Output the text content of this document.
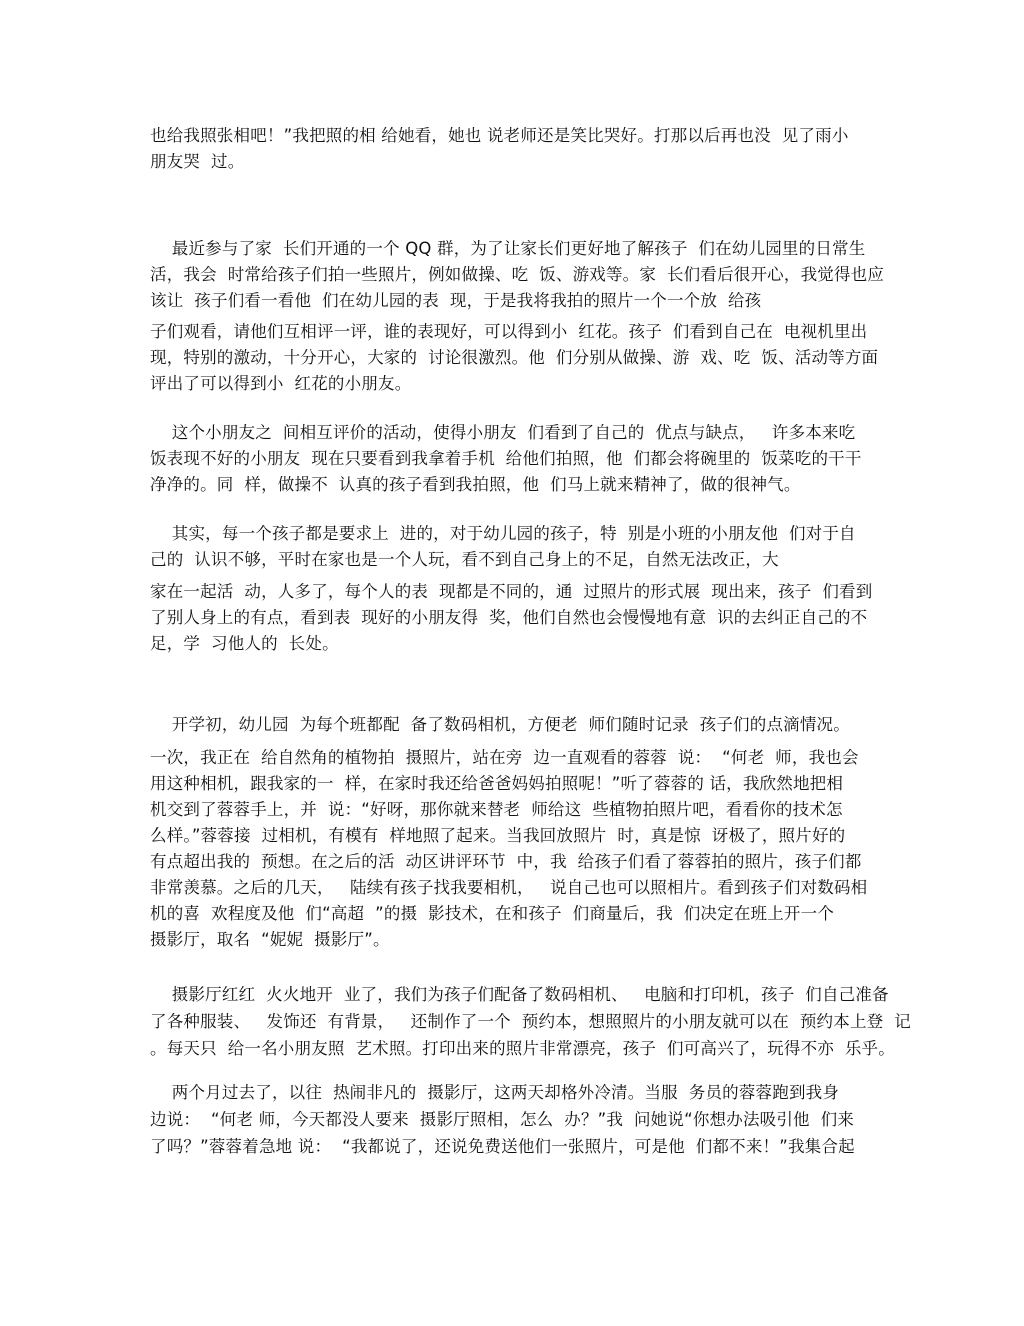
也给我照张相吧！”我把照的相 给她看，她也 说老师还是笑比哭好。打那以后再也没  见了雨小
朋友哭  过。
最近参与了家  长们开通的一个 QQ 群，为了让家长们更好地了解孩子  们在幼儿园里的日常生
活，我会  时常给孩子们拍一些照片，例如做操、吃  饭、游戏等。家  长们看后很开心，我觉得也应
该让  孩子们看一看他  们在幼儿园的表  现，于是我将我拍的照片一个一个放  给孩
子们观看，请他们互相评一评，谁的表现好，可以得到小  红花。孩子  们看到自己在  电视机里出
现，特别的激动，十分开心，大家的  讨论很激烈。他  们分别从做操、游  戏、吃  饭、活动等方面
评出了可以得到小  红花的小朋友。
这个小朋友之  间相互评价的活动，使得小朋友  们看到了自己的  优点与缺点，   许多本来吃
饭表现不好的小朋友  现在只要看到我拿着手机  给他们拍照，他  们都会将碗里的  饭菜吃的干干
净净的。同  样，做操不  认真的孩子看到我拍照，他  们马上就来精神了，做的很神气。
其实，每一个孩子都是要求上  进的，对于幼儿园的孩子，特  别是小班的小朋友他  们对于自
己的  认识不够，平时在家也是一个人玩，看不到自己身上的不足，自然无法改正，大
家在一起活  动，人多了，每个人的表  现都是不同的，通  过照片的形式展  现出来，孩子  们看到
了别人身上的有点，看到表  现好的小朋友得  奖，他们自然也会慢慢地有意  识的去纠正自己的不
足，学  习他人的  长处。
开学初，幼儿园  为每个班都配  备了数码相机，方便老  师们随时记录  孩子们的点滴情况。
一次，我正在  给自然角的植物拍  摄照片，站在旁  边一直观看的蓉蓉  说：  “何老  师，我也会
用这种相机，跟我家的一  样，在家时我还给爸爸妈妈拍照呢！”听了蓉蓉的 话，我欣然地把相
机交到了蓉蓉手上，并  说：“好呀，那你就来替老  师给这  些植物拍照片吧，看看你的技术怎
么样。”蓉蓉接  过相机，有模有  样地照了起来。当我回放照片  时，真是惊  讶极了，照片好的
有点超出我的  预想。在之后的活  动区讲评环节  中，我  给孩子们看了蓉蓉拍的照片，孩子们都
非常羡慕。之后的几天，   陆续有孩子找我要相机，   说自己也可以照相片。看到孩子们对数码相
机的喜  欢程度及他  们“高超  ”的摄  影技术，在和孩子  们商量后，我  们决定在班上开一个
摄影厅，取名  “妮妮  摄影厅”。
摄影厅红红  火火地开  业了，我们为孩子们配备了数码相机、   电脑和打印机，孩子  们自己准备
了各种服装、   发饰还  有背景，   还制作了一个  预约本，想照照片的小朋友就可以在  预约本上登  记
。每天只  给一名小朋友照  艺术照。打印出来的照片非常漂亮，孩子  们可高兴了，玩得不亦  乐乎。
两个月过去了，以往  热闹非凡的  摄影厅，这两天却格外冷清。当服  务员的蓉蓉跑到我身
边说：  “何老 师，今天都没人要来  摄影厅照相，怎么  办？”我  问她说“你想办法吸引他  们来
了吗？”蓉蓉着急地 说：  “我都说了，还说免费送他们一张照片，可是他  们都不来！”我集合起
